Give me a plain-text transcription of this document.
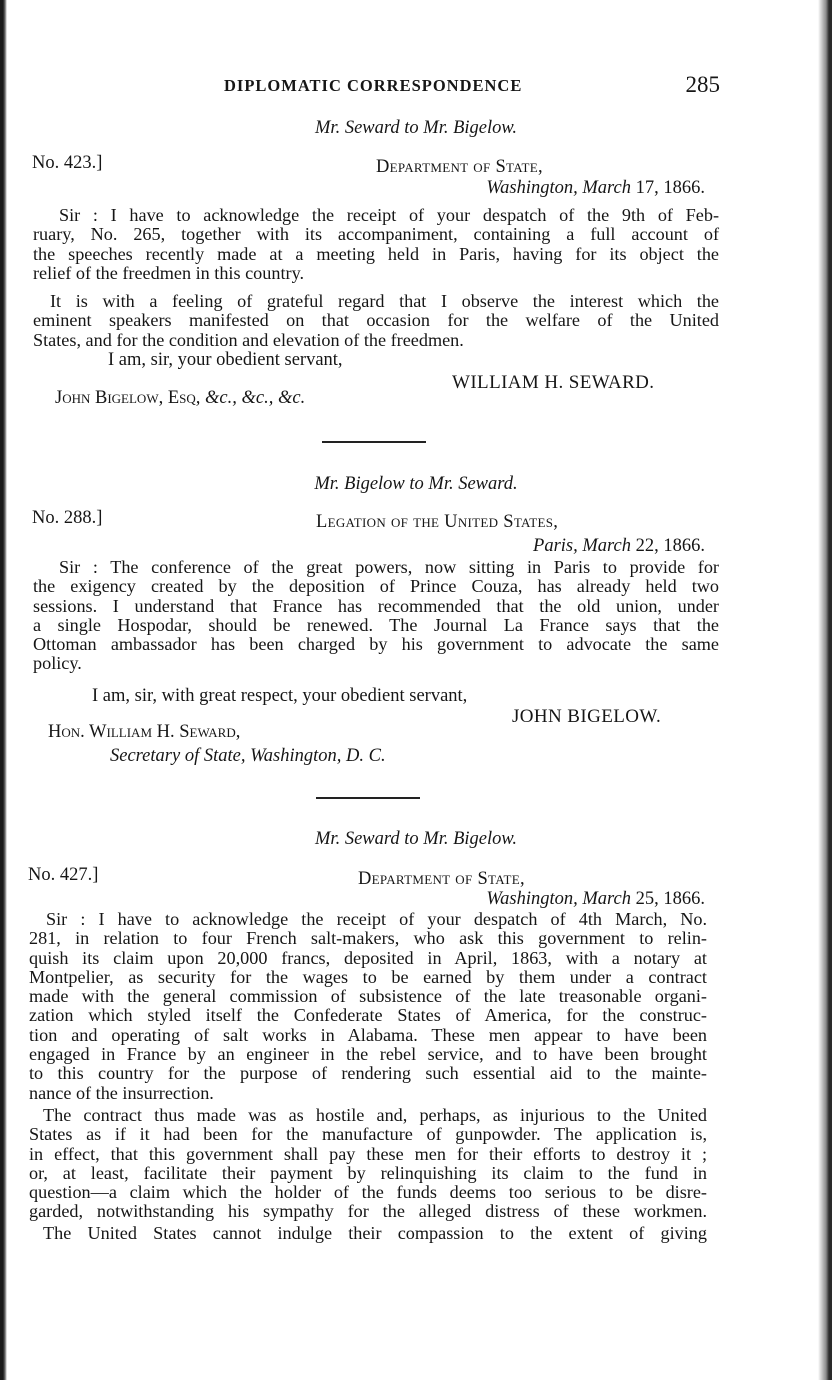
DIPLOMATIC CORRESPONDENCE	285
Mr. Seward to Mr. Bigelow.
No. 423.]	Department of State,
Washington, March 17, 1866.

Sir : I have to acknowledge the receipt of your despatch of the 9th of Feb-
ruary, No. 265, together with its accompaniment, containing a full account of
the speeches recently made at a meeting held in Paris, having for its object the
relief of the freedmen in this country.

It is with a feeling of grateful regard that I observe the interest which the
eminent speakers manifested on that occasion for the welfare of the United
States, and for the condition and elevation of the freedmen.

I am, sir, your obedient servant,
WILLIAM H. SEWARD.
John Bigelow, Esq, &c., &c., &c.
Mr. Bigelow to Mr. Seward.
No. 288.]	Legation of the United States,
Paris, March 22, 1866.

Sir : The conference of the great powers, now sitting in Paris to provide for
the exigency created by the deposition of Prince Couza, has already held two
sessions. I understand that France has recommended that the old union, under
a single Hospodar, should be renewed. The Journal La France says that the
Ottoman ambassador has been charged by his government to advocate the same
policy.

I am, sir, with great respect, your obedient servant,
JOHN BIGELOW.
Hon. William H. Seward,
Secretary of State, Washington, D. C.
Mr. Seward to Mr. Bigelow.
No. 427.]	Department of State,
Washington, March 25, 1866.

Sir : I have to acknowledge the receipt of your despatch of 4th March, No.
281, in relation to four French salt-makers, who ask this government to relin-
quish its claim upon 20,000 francs, deposited in April, 1863, with a notary at
Montpelier, as security for the wages to be earned by them under a contract
made with the general commission of subsistence of the late treasonable organi-
zation which styled itself the Confederate States of America, for the construc-
tion and operating of salt works in Alabama. These men appear to have been
engaged in France by an engineer in the rebel service, and to have been brought
to this country for the purpose of rendering such essential aid to the mainte-
nance of the insurrection.

The contract thus made was as hostile and, perhaps, as injurious to the United
States as if it had been for the manufacture of gunpowder. The application is,
in effect, that this government shall pay these men for their efforts to destroy it ;
or, at least, facilitate their payment by relinquishing its claim to the fund in
question—a claim which the holder of the funds deems too serious to be disre-
garded, notwithstanding his sympathy for the alleged distress of these workmen.

The United States cannot indulge their compassion to the extent of giving
